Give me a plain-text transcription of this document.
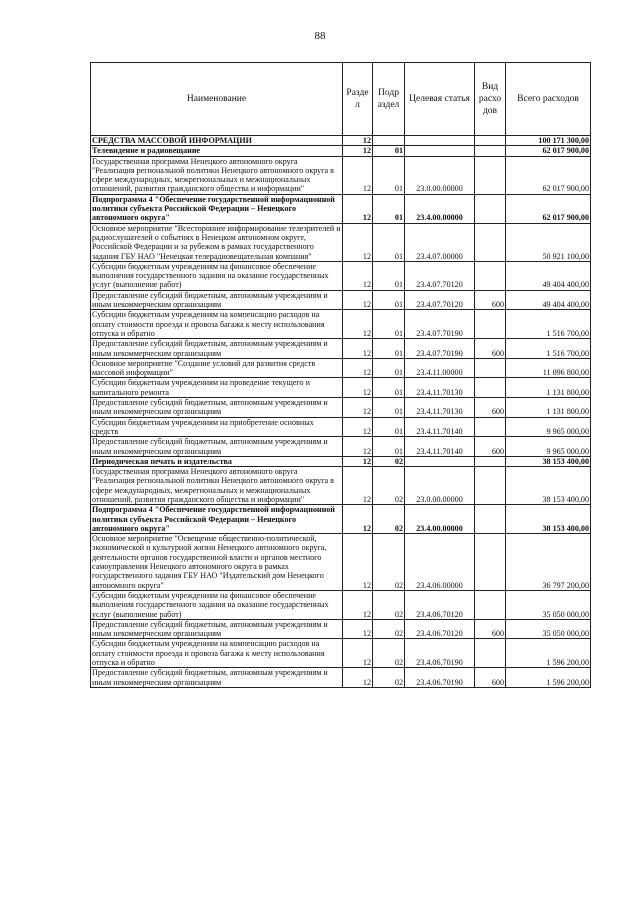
88
Наименование	Разде л	Подр аздел	Целевая статья	Вид расхо дов	Всего расходов
СРЕДСТВА МАССОВОЙ ИНФОРМАЦИИ	12				100 171 300,00
Телевидение и радиовещание	12	01			62 017 900,00
Государственная программа Ненецкого автономного округа "Реализация региональной политики Ненецкого автономного округа в сфере международных, межрегиональных и межнациональных отношений, развития гражданского общества и информации"	12	01	23.0.00.00000		62 017 900,00
Подпрограмма 4 "Обеспечение государственной информационной политики субъекта Российской Федерации – Ненецкого автономного округа"	12	01	23.4.00.00000		62 017 900,00
Основное мероприятие "Всестороннее информирование телезрителей и радиослушателей о событиях в Ненецком автономном округе, Российской Федерации и за рубежом в рамках государственного задания ГБУ НАО "Ненецкая телерадиовещательная компания"	12	01	23.4.07.00000		50 921 100,00
Субсидии бюджетным учреждениям на финансовое обеспечение выполнения государственного задания на оказание государственных услуг (выполнение работ)	12	01	23.4.07.70120		49 404 400,00
Предоставление субсидий бюджетным, автономным учреждениям и иным некоммерческим организациям	12	01	23.4.07.70120	600	49 404 400,00
Субсидии бюджетным учреждениям на компенсацию расходов на оплату стоимости проезда и провоза багажа к месту использования отпуска и обратно	12	01	23.4.07.70190		1 516 700,00
Предоставление субсидий бюджетным, автономным учреждениям и иным некоммерческим организациям	12	01	23.4.07.70190	600	1 516 700,00
Основное мероприятие "Создание условий для развития средств массовой информации"	12	01	23.4.11.00000		11 096 800,00
Субсидии бюджетным учреждениям на проведение текущего и капитального ремонта	12	01	23.4.11.70130		1 131 800,00
Предоставление субсидий бюджетным, автономным учреждениям и иным некоммерческим организациям	12	01	23.4.11.70130	600	1 131 800,00
Субсидии бюджетным учреждениям на приобретение основных средств	12	01	23.4.11.70140		9 965 000,00
Предоставление субсидий бюджетным, автономным учреждениям и иным некоммерческим организациям	12	01	23.4.11.70140	600	9 965 000,00
Периодическая печать и издательства	12	02			38 153 400,00
Государственная программа Ненецкого автономного округа "Реализация региональной политики Ненецкого автономного округа в сфере международных, межрегиональных и межнациональных отношений, развития гражданского общества и информации"	12	02	23.0.00.00000		38 153 400,00
Подпрограмма 4 "Обеспечение государственной информационной политики субъекта Российской Федерации – Ненецкого автономного округа"	12	02	23.4.00.00000		38 153 400,00
Основное мероприятие "Освещение общественно-политической, экономической и культурной жизни Ненецкого автономного округа, деятельности органов государственной власти и органов местного самоуправления Ненецкого автономного округа в рамках государственного задания ГБУ НАО "Издательский дом Ненецкого автономного округа"	12	02	23.4.06.00000		36 797 200,00
Субсидии бюджетным учреждениям на финансовое обеспечение выполнения государственного задания на оказание государственных услуг (выполнение работ)	12	02	23.4.06.70120		35 050 000,00
Предоставление субсидий бюджетным, автономным учреждениям и иным некоммерческим организациям	12	02	23.4.06.70120	600	35 050 000,00
Субсидии бюджетным учреждениям на компенсацию расходов на оплату стоимости проезда и провоза багажа к месту использования отпуска и обратно	12	02	23.4.06.70190		1 596 200,00
Предоставление субсидий бюджетным, автономным учреждениям и иным некоммерческим организациям	12	02	23.4.06.70190	600	1 596 200,00
